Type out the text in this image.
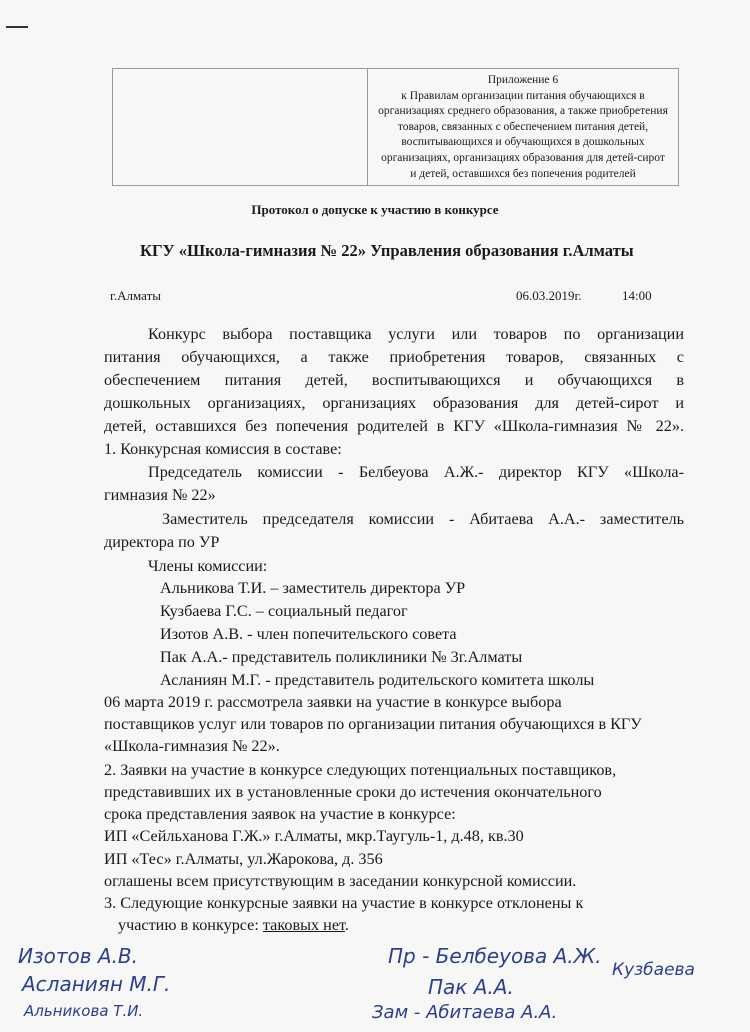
Приложение 6
к Правилам организации питания обучающихся в
организациях среднего образования, а также приобретения
товаров, связанных с обеспечением питания детей,
воспитывающихся и обучающихся в дошкольных
организациях, организациях образования для детей-сирот
и детей, оставшихся без попечения родителей
Протокол о допуске к участию в конкурсе
КГУ «Школа-гимназия № 22» Управления образования г.Алматы
г.Алматы	06.03.2019г.	14:00
Конкурс выбора поставщика услуги или товаров по организации
питания обучающихся, а также приобретения товаров, связанных с
обеспечением питания детей, воспитывающихся и обучающихся в
дошкольных организациях, организациях образования для детей-сирот и
детей, оставшихся без попечения родителей в КГУ «Школа-гимназия № 22».
1. Конкурсная комиссия в составе:
Председатель комиссии - Белбеуова А.Ж.- директор КГУ «Школа-
гимназия № 22»
Заместитель председателя комиссии - Абитаева А.А.- заместитель
директора по УР
Члены комиссии:
Альникова Т.И. – заместитель директора УР
Кузбаева Г.С. – социальный педагог
Изотов А.В. - член попечительского совета
Пак А.А.- представитель поликлиники № 3г.Алматы
Асланиян М.Г. - представитель родительского комитета школы
06 марта 2019 г. рассмотрела заявки на участие в конкурсе выбора
поставщиков услуг или товаров по организации питания обучающихся в КГУ
«Школа-гимназия № 22».
2. Заявки на участие в конкурсе следующих потенциальных поставщиков,
представивших их в установленные сроки до истечения окончательного
срока представления заявок на участие в конкурсе:
ИП «Сейльханова Г.Ж.» г.Алматы, мкр.Таугуль-1, д.48, кв.30
ИП «Тес» г.Алматы, ул.Жарокова, д. 356
оглашены всем присутствующим в заседании конкурсной комиссии.
3. Следующие конкурсные заявки на участие в конкурсе отклонены к
участию в конкурсе: таковых нет.
Изотов А.В.
Асланиян М.Г.
Альникова Т.И.
Пр - Белбеуова А.Ж.
Кузбаева
Пак А.А.
Зам - Абитаева А.А.
